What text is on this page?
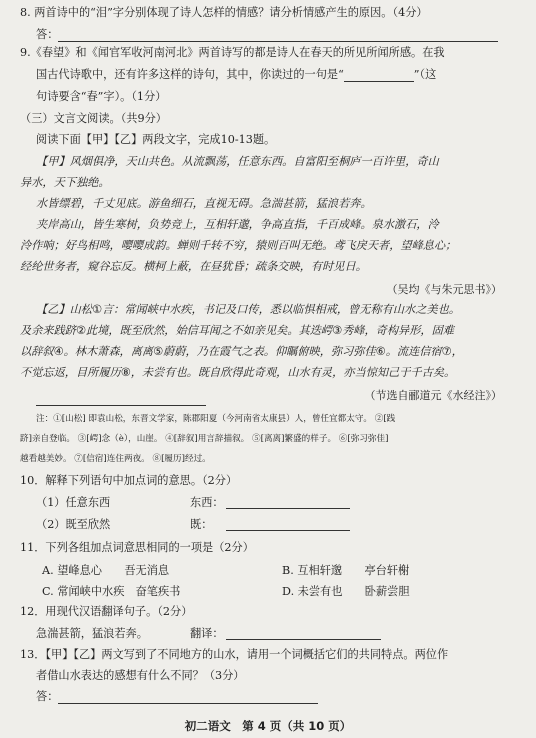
8. 两首诗中的“泪”字分别体现了诗人怎样的情感？请分析情感产生的原因。（4分）
答：
9.《春望》和《闻官军收河南河北》两首诗写的都是诗人在春天的所见所闻所感。在我
国古代诗歌中，还有许多这样的诗句，其中，你读过的一句是“	”（这
句诗要含“春”字）。（1分）
（三）文言文阅读。（共9分）
阅读下面【甲】【乙】两段文字，完成10-13题。
【甲】风烟俱净，天山共色。从流飘荡，任意东西。自富阳至桐庐一百许里，奇山
异水，天下独绝。
水皆缥碧，千丈见底。游鱼细石，直视无碍。急湍甚箭，猛浪若奔。
夹岸高山，皆生寒树，负势竞上，互相轩邈，争高直指，千百成峰。泉水激石，泠
泠作响；好鸟相鸣，嘤嘤成韵。蝉则千转不穷，猿则百叫无绝。鸢飞戾天者，望峰息心；
经纶世务者，窥谷忘反。横柯上蔽，在昼犹昏；疏条交映，有时见日。
（吴均《与朱元思书》）
【乙】山松①言：常闻峡中水疾，书记及口传，悉以临惧相戒，曾无称有山水之美也。
及余来践跻②此境，既至欣然，始信耳闻之不如亲见矣。其迭崿③秀峰，奇构异形，固难
以辞叙④。林木萧森，离离⑤蔚蔚，乃在霞气之表。仰瞩俯映，弥习弥佳⑥。流连信宿⑦，
不觉忘返，目所履历⑧，未尝有也。既自欣得此奇观，山水有灵，亦当惊知己于千古矣。
（节选自郦道元《水经注》）
注：①[山松] 即袁山松，东晋文学家，陈郡阳夏（今河南省太康县）人，曾任宜都太守。 ②[践
跻]亲自登临。 ③[崿]念（è），山崖。 ④[辞叙]用言辞描叙。 ⑤[离离]繁盛的样子。 ⑥[弥习弥佳]
越看越美妙。 ⑦[信宿]连住两夜。 ⑧[履历]经过。
10．解释下列语句中加点词的意思。（2分）
（1）任意东西	东西：
（2）既至欣然	既：
11．下列各组加点词意思相同的一项是（2分）
A. 望峰息心　　吾无消息	B. 互相轩邈　　亭台轩榭
C. 常闻峡中水疾　奋笔疾书	D. 未尝有也　　卧薪尝胆
12．用现代汉语翻译句子。（2分）
急湍甚箭，猛浪若奔。	翻译：
13．【甲】【乙】两文写到了不同地方的山水，请用一个词概括它们的共同特点。两位作
者借山水表达的感想有什么不同？（3分）
答：
初二语文　第 4 页（共 10 页）
